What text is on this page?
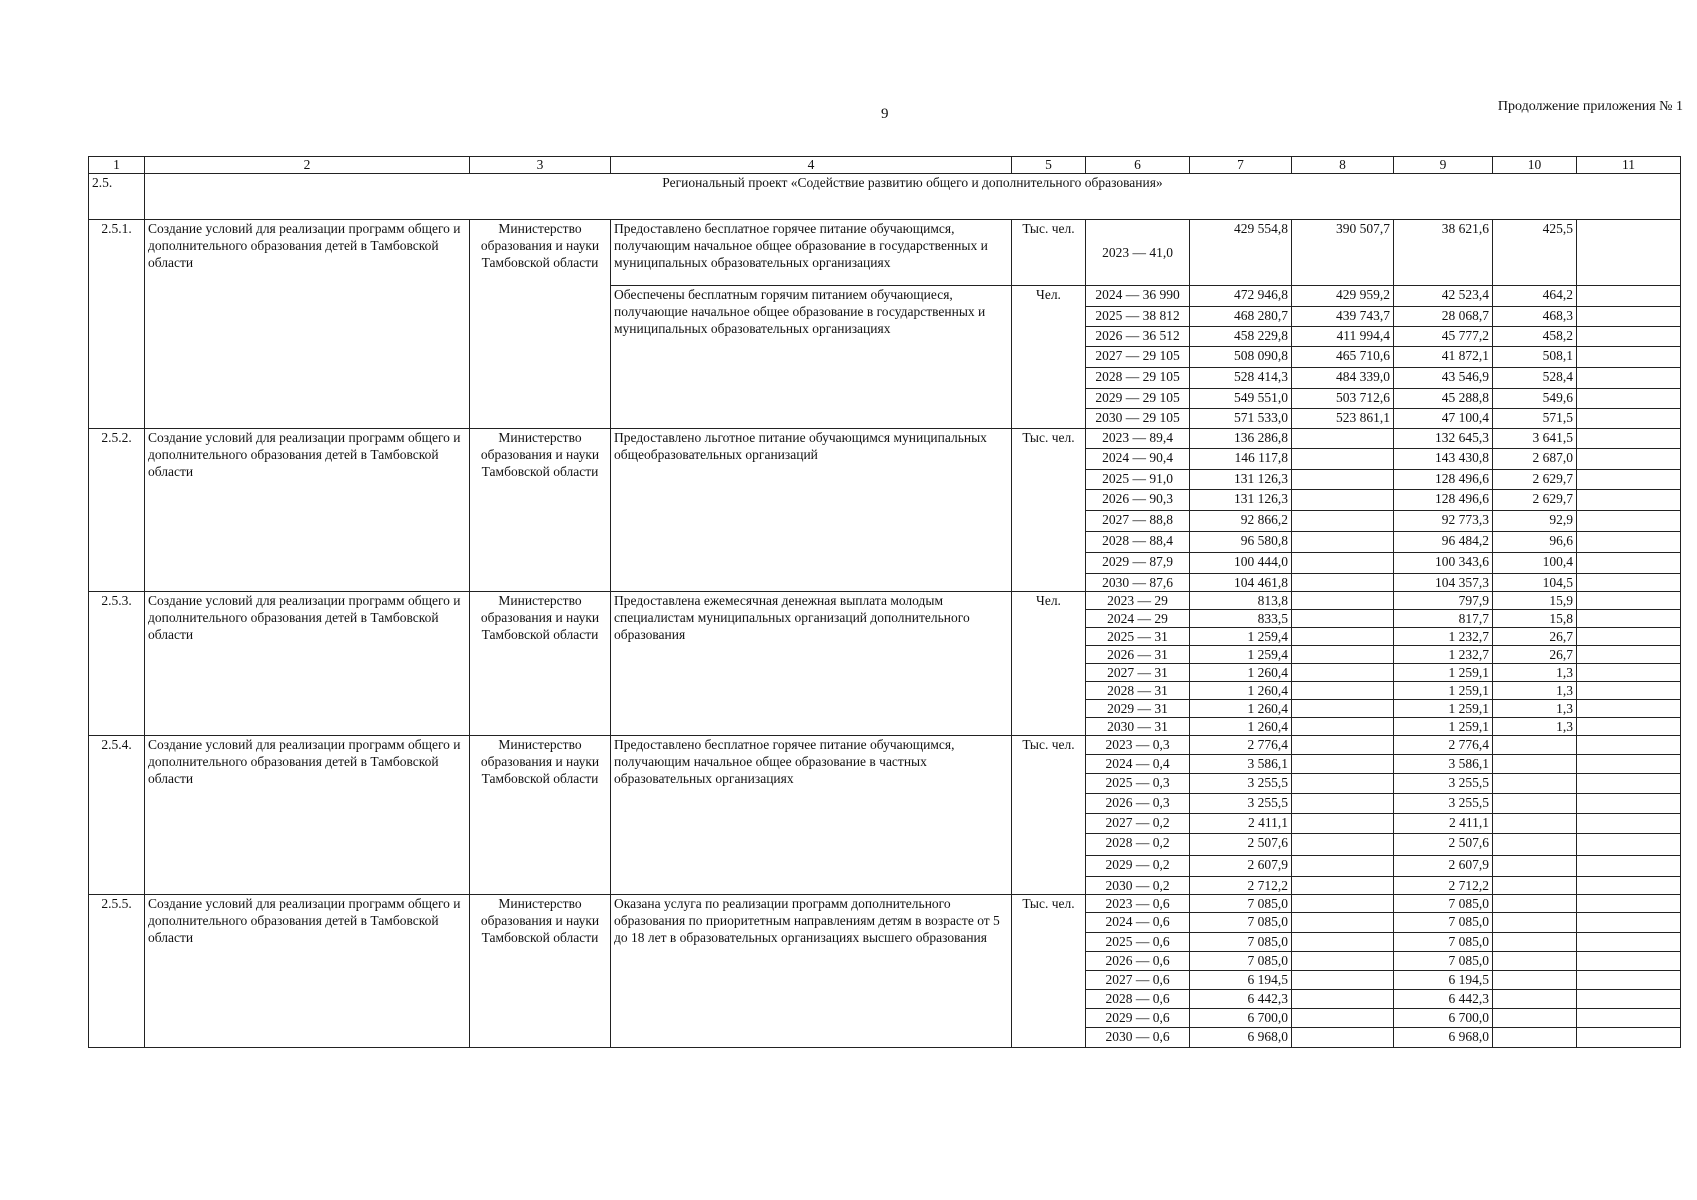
9	Продолжение приложения № 1
1	2	3	4	5	6	7	8	9	10	11
2.5.	Региональный проект «Содействие развитию общего и дополнительного образования»									
2.5.1.	Создание условий для реализации программ общего и дополнительного образования детей в Тамбовской области	Министерство образования и науки Тамбовской области	Предоставлено бесплатное горячее питание обучающимся, получающим начальное общее образование в государственных и муниципальных образовательных организациях	Тыс. чел.	2023 — 41,0	429 554,8	390 507,7	38 621,6	425,5	
			Обеспечены бесплатным горячим питанием обучающиеся, получающие начальное общее образование в государственных и муниципальных образовательных организациях	Чел.	2024 — 36 990	472 946,8	429 959,2	42 523,4	464,2	
					2025 — 38 812	468 280,7	439 743,7	28 068,7	468,3	
					2026 — 36 512	458 229,8	411 994,4	45 777,2	458,2	
					2027 — 29 105	508 090,8	465 710,6	41 872,1	508,1	
					2028 — 29 105	528 414,3	484 339,0	43 546,9	528,4	
					2029 — 29 105	549 551,0	503 712,6	45 288,8	549,6	
					2030 — 29 105	571 533,0	523 861,1	47 100,4	571,5	
2.5.2.	Создание условий для реализации программ общего и дополнительного образования детей в Тамбовской области	Министерство образования и науки Тамбовской области	Предоставлено льготное питание обучающимся муниципальных общеобразовательных организаций	Тыс. чел.	2023 — 89,4	136 286,8		132 645,3	3 641,5	
					2024 — 90,4	146 117,8		143 430,8	2 687,0	
					2025 — 91,0	131 126,3		128 496,6	2 629,7	
					2026 — 90,3	131 126,3		128 496,6	2 629,7	
					2027 — 88,8	92 866,2		92 773,3	92,9	
					2028 — 88,4	96 580,8		96 484,2	96,6	
					2029 — 87,9	100 444,0		100 343,6	100,4	
					2030 — 87,6	104 461,8		104 357,3	104,5	
2.5.3.	Создание условий для реализации программ общего и дополнительного образования детей в Тамбовской области	Министерство образования и науки Тамбовской области	Предоставлена ежемесячная денежная выплата молодым специалистам муниципальных организаций дополнительного образования	Чел.	2023 — 29	813,8		797,9	15,9	
					2024 — 29	833,5		817,7	15,8	
					2025 — 31	1 259,4		1 232,7	26,7	
					2026 — 31	1 259,4		1 232,7	26,7	
					2027 — 31	1 260,4		1 259,1	1,3	
					2028 — 31	1 260,4		1 259,1	1,3	
					2029 — 31	1 260,4		1 259,1	1,3	
					2030 — 31	1 260,4		1 259,1	1,3	
2.5.4.	Создание условий для реализации программ общего и дополнительного образования детей в Тамбовской области	Министерство образования и науки Тамбовской области	Предоставлено бесплатное горячее питание обучающимся, получающим начальное общее образование в частных образовательных организациях	Тыс. чел.	2023 — 0,3	2 776,4		2 776,4		
					2024 — 0,4	3 586,1		3 586,1		
					2025 — 0,3	3 255,5		3 255,5		
					2026 — 0,3	3 255,5		3 255,5		
					2027 — 0,2	2 411,1		2 411,1		
					2028 — 0,2	2 507,6		2 507,6		
					2029 — 0,2	2 607,9		2 607,9		
					2030 — 0,2	2 712,2		2 712,2		
2.5.5.	Создание условий для реализации программ общего и дополнительного образования детей в Тамбовской области	Министерство образования и науки Тамбовской области	Оказана услуга по реализации программ дополнительного образования по приоритетным направлениям детям в возрасте от 5 до 18 лет в образовательных организациях высшего образования	Тыс. чел.	2023 — 0,6	7 085,0		7 085,0		
					2024 — 0,6	7 085,0		7 085,0		
					2025 — 0,6	7 085,0		7 085,0		
					2026 — 0,6	7 085,0		7 085,0		
					2027 — 0,6	6 194,5		6 194,5		
					2028 — 0,6	6 442,3		6 442,3		
					2029 — 0,6	6 700,0		6 700,0		
					2030 — 0,6	6 968,0		6 968,0		
